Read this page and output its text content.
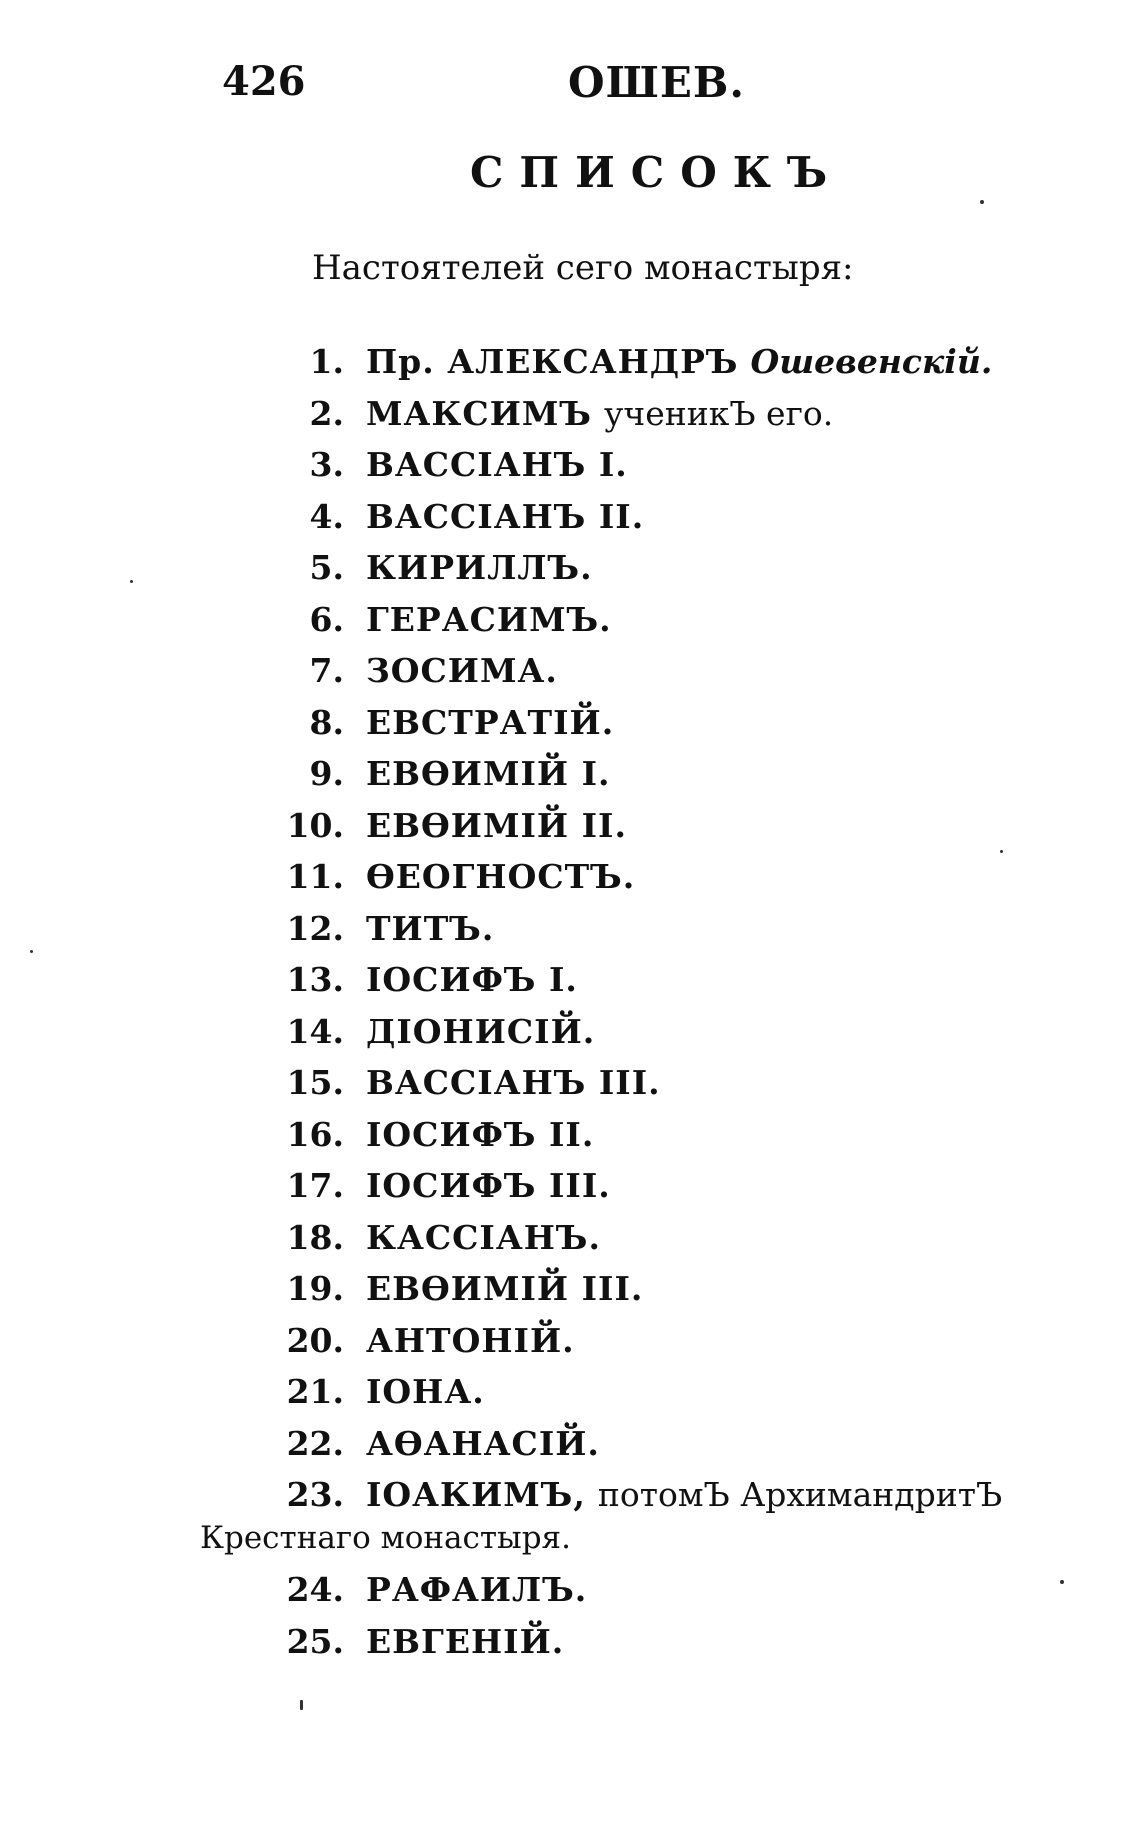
426	ОШЕВ.
СПИСОКЪ
Настоятелей сего монастыря:
1. Пр. АЛЕКСАНДРЪ Ошевенскій.
2. МАКСИМЪ ученикЪ его.
3. ВАССІАНЪ І.
4. ВАССІАНЪ II.
5. КИРИЛЛЪ.
6. ГЕРАСИМЪ.
7. ЗОСИМА.
8. ЕВСТРАТІЙ.
9. ЕВѲИМІЙ І.
10. ЕВѲИМІЙ II.
11. ѲЕОГНОСТЪ.
12. ТИТЪ.
13. ІОСИФЪ І.
14. ДІОНИСІЙ.
15. ВАССІАНЪ III.
16. ІОСИФЪ II.
17. ІОСИФЪ III.
18. КАССІАНЪ.
19. ЕВѲИМІЙ III.
20. АНТОНІЙ.
21. ІОНА.
22. АѲАНАСІЙ.
23. ІОАКИМЪ, потомЪ АрхимандритЪ
Крестнаго монастыря.
24. РАФАИЛЪ.
25. ЕВГЕНІЙ.
